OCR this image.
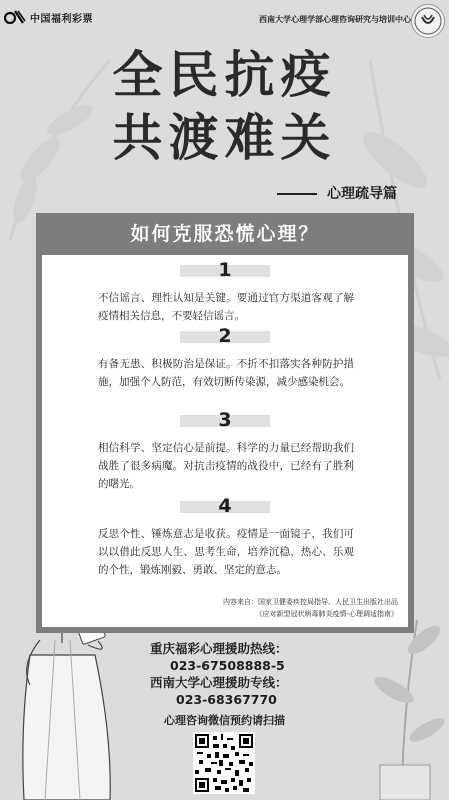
中国福利彩票	西南大学心理学部心理咨询研究与培训中心
全民抗疫
共渡难关
心理疏导篇
如何克服恐慌心理？
1
不信谣言、理性认知是关键。要通过官方渠道客观了解疫情相关信息，不要轻信谣言。
2
有备无患、积极防治是保证。不折不扣落实各种防护措施，加强个人防范，有效切断传染源，减少感染机会。
3
相信科学、坚定信心是前提。科学的力量已经帮助我们战胜了很多病魔。对抗击疫情的战役中，已经有了胜利的曙光。
4
反思个性、锤炼意志是收获。疫情是一面镜子，我们可以以借此反思人生、思考生命，培养沉稳、热心、乐观的个性，锻炼刚毅、勇敢、坚定的意志。
内容来自：国家卫健委疾控局指导、人民卫生出版社出品
《应对新型冠状病毒肺炎疫情-心理调适指南》
重庆福彩心理援助热线：
023-67508888-5
西南大学心理援助专线：
023-68367770
心理咨询微信预约请扫描
